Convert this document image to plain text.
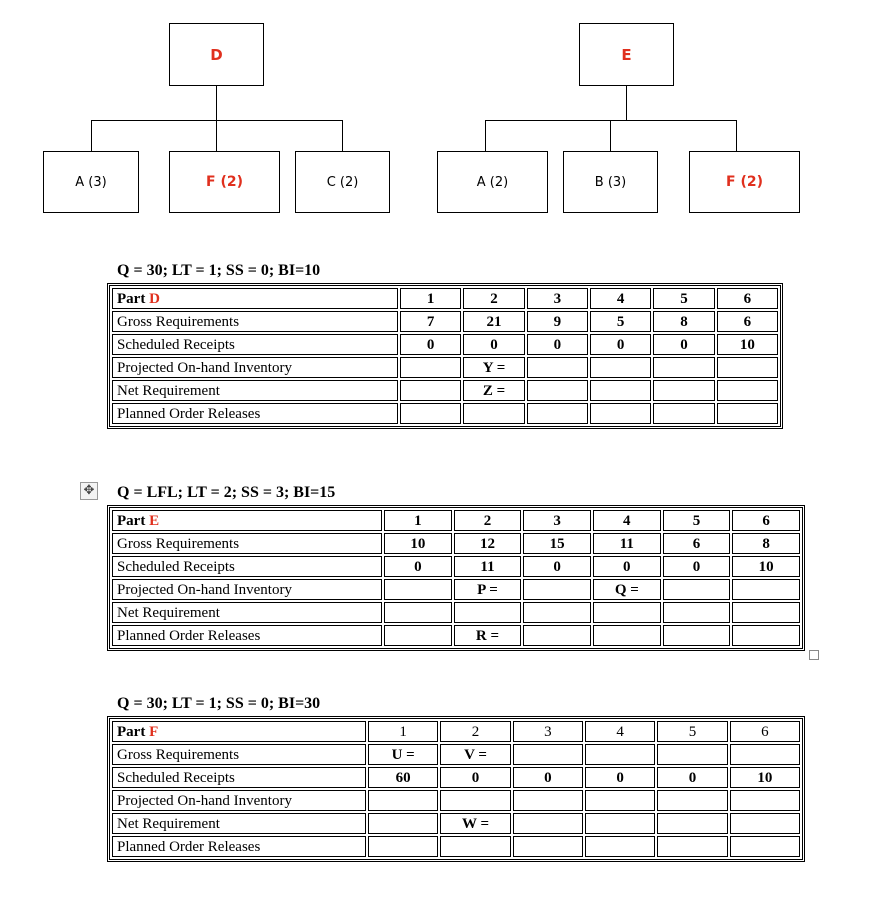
D
A (3)	F (2)	C (2)
E
A (2)	B (3)	F (2)
Q = 30; LT = 1; SS = 0; BI=10
Part D	1	2	3	4	5	6
Gross Requirements	7	21	9	5	8	6
Scheduled Receipts	0	0	0	0	0	10
Projected On-hand Inventory		Y =				
Net Requirement		Z =				
Planned Order Releases						
✥ Q = LFL; LT = 2; SS = 3; BI=15
Part E	1	2	3	4	5	6
Gross Requirements	10	12	15	11	6	8
Scheduled Receipts	0	11	0	0	0	10
Projected On-hand Inventory		P =		Q =		
Net Requirement						
Planned Order Releases		R =				
Q = 30; LT = 1; SS = 0; BI=30
Part F	1	2	3	4	5	6
Gross Requirements	U =	V =				
Scheduled Receipts	60	0	0	0	0	10
Projected On-hand Inventory						
Net Requirement		W =				
Planned Order Releases						
